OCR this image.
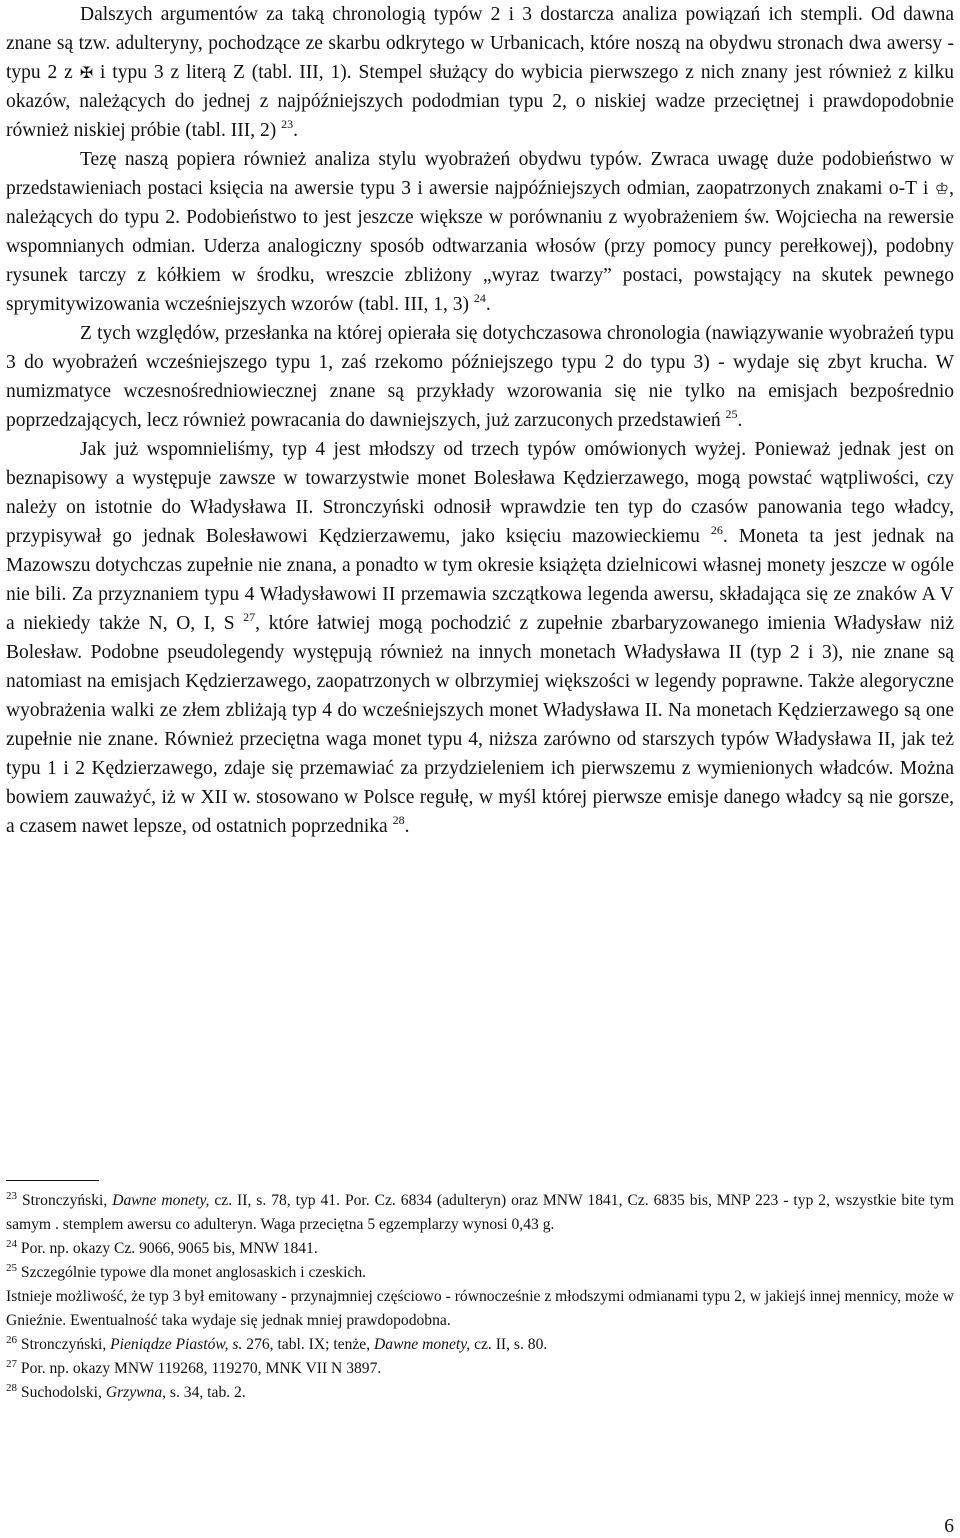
Dalszych argumentów za taką chronologią typów 2 i 3 dostarcza analiza powiązań ich stempli. Od dawna znane są tzw. adulteryny, pochodzące ze skarbu odkrytego w Urbanicach, które noszą na obydwu stronach dwa awersy - typu 2 z ✠ i typu 3 z literą Z (tabl. III, 1). Stempel służący do wybicia pierwszego z nich znany jest również z kilku okazów, należących do jednej z najpóźniejszych pododmian typu 2, o niskiej wadze przeciętnej i prawdopodobnie również niskiej próbie (tabl. III, 2) $^{23}$.

Tezę naszą popiera również analiza stylu wyobrażeń obydwu typów. Zwraca uwagę duże podobieństwo w przedstawieniach postaci księcia na awersie typu 3 i awersie najpóźniejszych odmian, zaopatrzonych znakami o-T i ♔, należących do typu 2. Podobieństwo to jest jeszcze większe w porównaniu z wyobrażeniem św. Wojciecha na rewersie wspomnianych odmian. Uderza analogiczny sposób odtwarzania włosów (przy pomocy puncy perełkowej), podobny rysunek tarczy z kółkiem w środku, wreszcie zbliżony „wyraz twarzy” postaci, powstający na skutek pewnego sprymitywizowania wcześniejszych wzorów (tabl. III, 1, 3) $^{24}$.

Z tych względów, przesłanka na której opierała się dotychczasowa chronologia (nawiązywanie wyobrażeń typu 3 do wyobrażeń wcześniejszego typu 1, zaś rzekomo późniejszego typu 2 do typu 3) - wydaje się zbyt krucha. W numizmatyce wczesnośredniowiecznej znane są przykłady wzorowania się nie tylko na emisjach bezpośrednio poprzedzających, lecz również powracania do dawniejszych, już zarzuconych przedstawień $^{25}$.

Jak już wspomnieliśmy, typ 4 jest młodszy od trzech typów omówionych wyżej. Ponieważ jednak jest on beznapisowy a występuje zawsze w towarzystwie monet Bolesława Kędzierzawego, mogą powstać wątpliwości, czy należy on istotnie do Władysława II. Stronczyński odnosił wprawdzie ten typ do czasów panowania tego władcy, przypisywał go jednak Bolesławowi Kędzierzawemu, jako księciu mazowieckiemu $^{26}$. Moneta ta jest jednak na Mazowszu dotychczas zupełnie nie znana, a ponadto w tym okresie książęta dzielnicowi własnej monety jeszcze w ogóle nie bili. Za przyznaniem typu 4 Władysławowi II przemawia szczątkowa legenda awersu, składająca się ze znaków A V a niekiedy także N, O, I, S $^{27}$, które łatwiej mogą pochodzić z zupełnie zbarbaryzowanego imienia Władysław niż Bolesław. Podobne pseudolegendy występują również na innych monetach Władysława II (typ 2 i 3), nie znane są natomiast na emisjach Kędzierzawego, zaopatrzonych w olbrzymiej większości w legendy poprawne. Także alegoryczne wyobrażenia walki ze złem zbliżają typ 4 do wcześniejszych monet Władysława II. Na monetach Kędzierzawego są one zupełnie nie znane. Również przeciętna waga monet typu 4, niższa zarówno od starszych typów Władysława II, jak też typu 1 i 2 Kędzierzawego, zdaje się przemawiać za przydzieleniem ich pierwszemu z wymienionych władców. Można bowiem zauważyć, iż w XII w. stosowano w Polsce regułę, w myśl której pierwsze emisje danego władcy są nie gorsze, a czasem nawet lepsze, od ostatnich poprzednika $^{28}$.

$^{23}$ Stronczyński, Dawne monety, cz. II, s. 78, typ 41. Por. Cz. 6834 (adulteryn) oraz MNW 1841, Cz. 6835 bis, MNP 223 - typ 2, wszystkie bite tym samym . stemplem awersu co adulteryn. Waga przeciętna 5 egzemplarzy wynosi 0,43 g.

$^{24}$ Por. np. okazy Cz. 9066, 9065 bis, MNW 1841.

$^{25}$ Szczególnie typowe dla monet anglosaskich i czeskich.

Istnieje możliwość, że typ 3 był emitowany - przynajmniej częściowo - równocześnie z młodszymi odmianami typu 2, w jakiejś innej mennicy, może w Gnieźnie. Ewentualność taka wydaje się jednak mniej prawdopodobna.

$^{26}$ Stronczyński, Pieniądze Piastów, s. 276, tabl. IX; tenże, Dawne monety, cz. II, s. 80.

$^{27}$ Por. np. okazy MNW 119268, 119270, MNK VII N 3897.

$^{28}$ Suchodolski, Grzywna, s. 34, tab. 2.

6
